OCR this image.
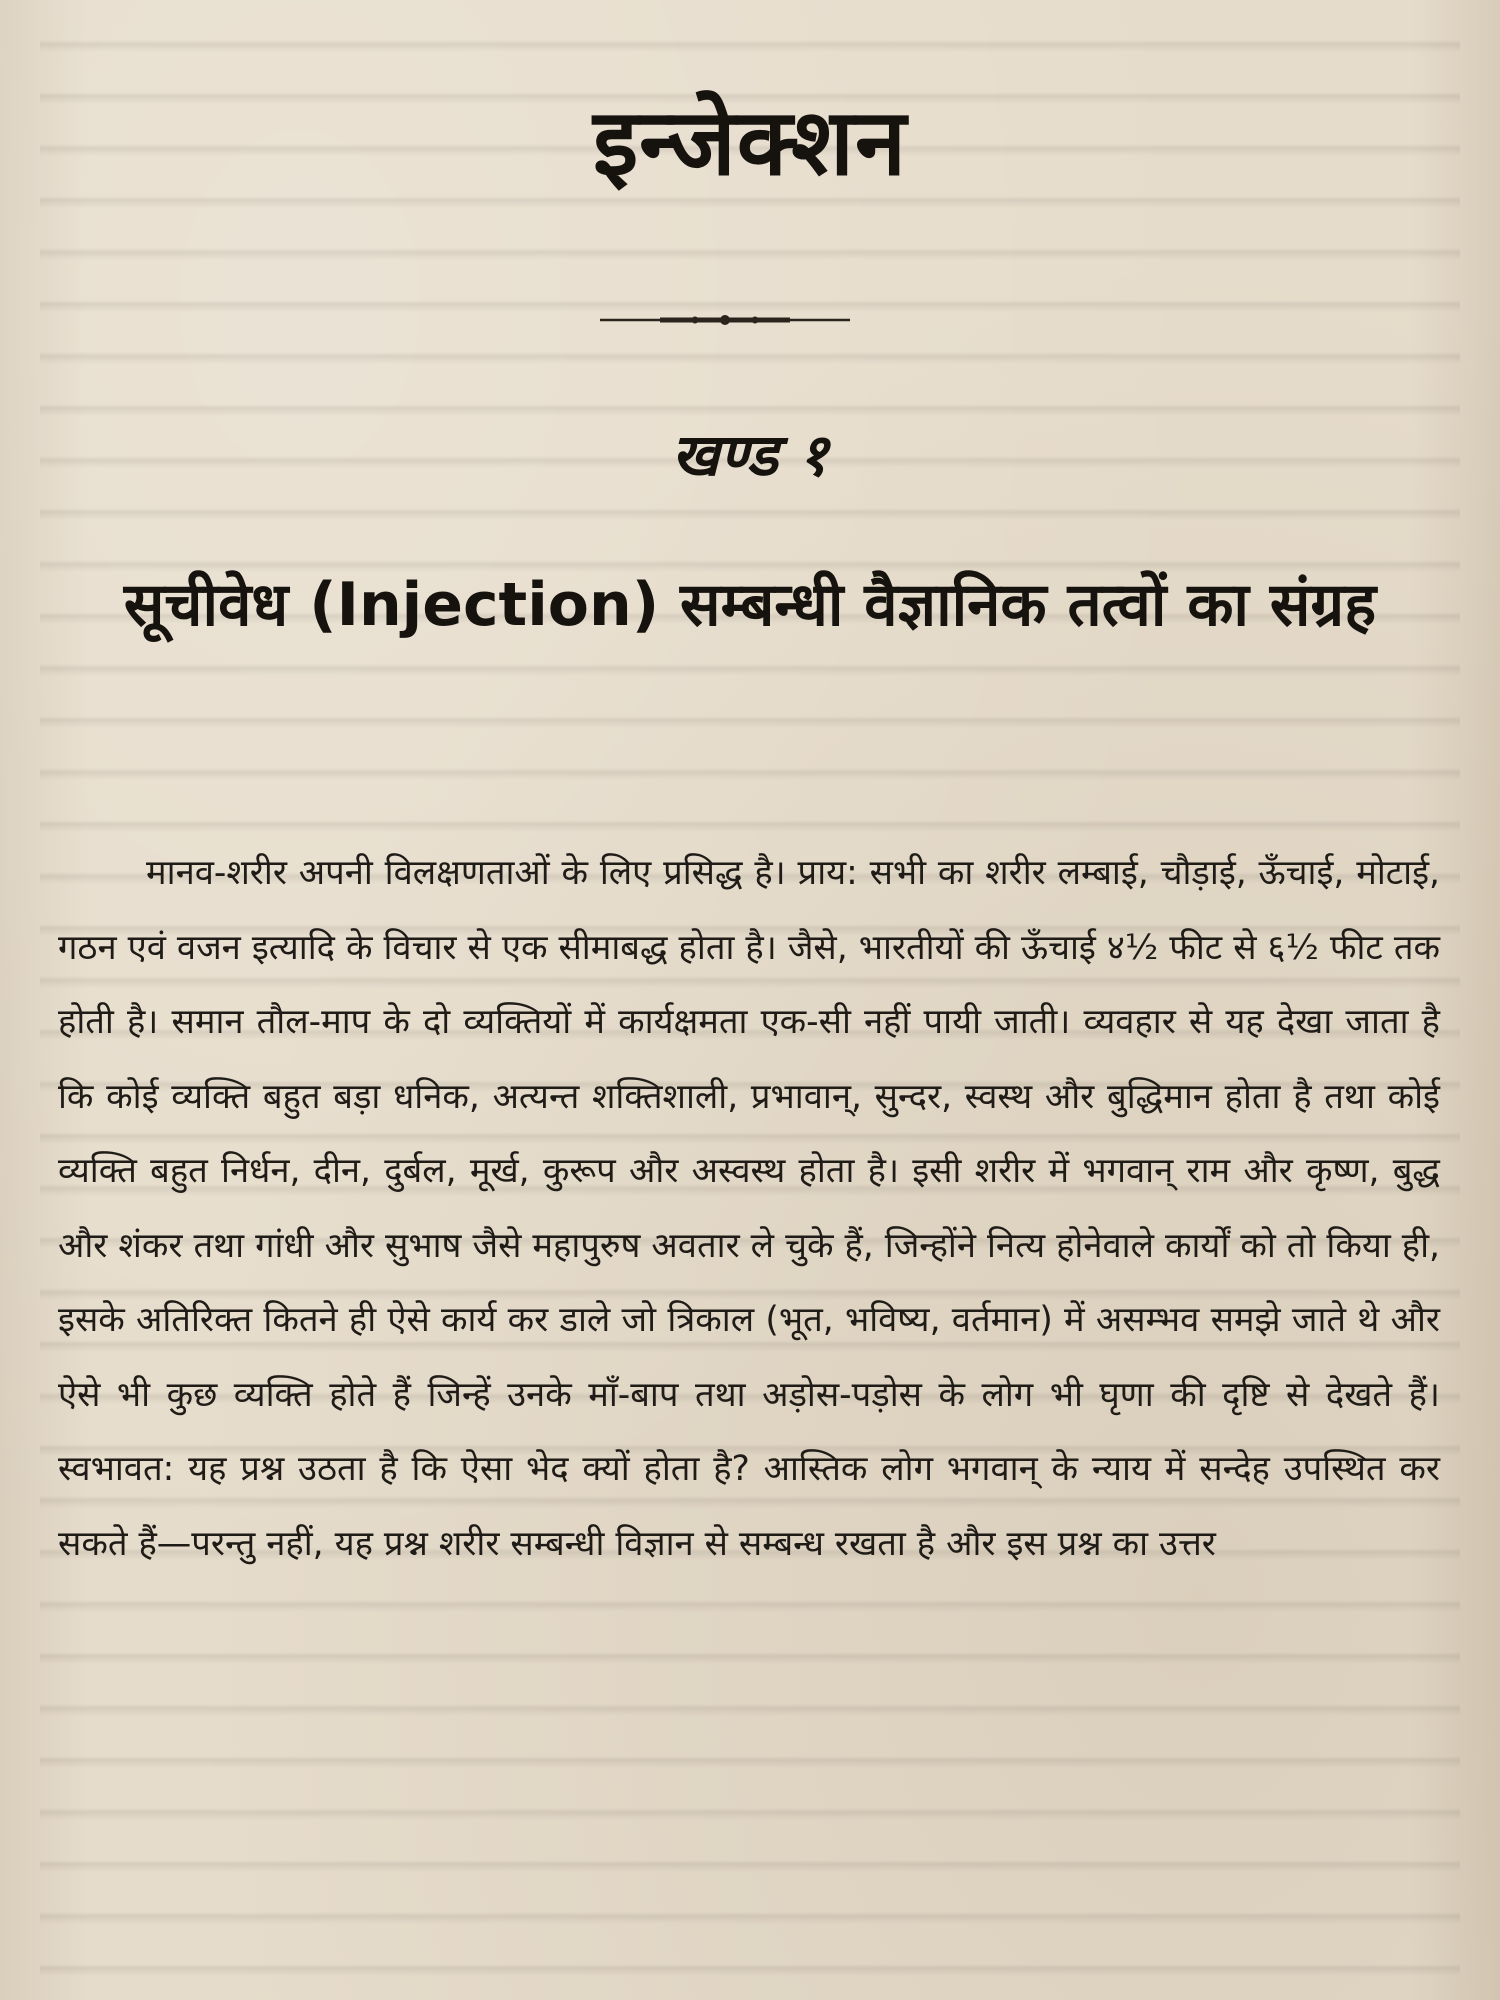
इन्जेक्शन
खण्ड १
सूचीवेध (Injection) सम्बन्धी वैज्ञानिक तत्वों का संग्रह

मानव-शरीर अपनी विलक्षणताओं के लिए प्रसिद्ध है। प्राय: सभी का शरीर लम्बाई, चौड़ाई, ऊँचाई, मोटाई, गठन एवं वजन इत्यादि के विचार से एक सीमाबद्ध होता है। जैसे, भारतीयों की ऊँचाई ४½ फीट से ६½ फीट तक होती है। समान तौल-माप के दो व्यक्तियों में कार्यक्षमता एक-सी नहीं पायी जाती। व्यवहार से यह देखा जाता है कि कोई व्यक्ति बहुत बड़ा धनिक, अत्यन्त शक्तिशाली, प्रभावान्, सुन्दर, स्वस्थ और बुद्धिमान होता है तथा कोई व्यक्ति बहुत निर्धन, दीन, दुर्बल, मूर्ख, कुरूप और अस्वस्थ होता है। इसी शरीर में भगवान् राम और कृष्ण, बुद्ध और शंकर तथा गांधी और सुभाष जैसे महापुरुष अवतार ले चुके हैं, जिन्होंने नित्य होनेवाले कार्यों को तो किया ही, इसके अतिरिक्त कितने ही ऐसे कार्य कर डाले जो त्रिकाल (भूत, भविष्य, वर्तमान) में असम्भव समझे जाते थे और ऐसे भी कुछ व्यक्ति होते हैं जिन्हें उनके माँ-बाप तथा अड़ोस-पड़ोस के लोग भी घृणा की दृष्टि से देखते हैं। स्वभावत: यह प्रश्न उठता है कि ऐसा भेद क्यों होता है? आस्तिक लोग भगवान् के न्याय में सन्देह उपस्थित कर सकते हैं—परन्तु नहीं, यह प्रश्न शरीर सम्बन्धी विज्ञान से सम्बन्ध रखता है और इस प्रश्न का उत्तर
